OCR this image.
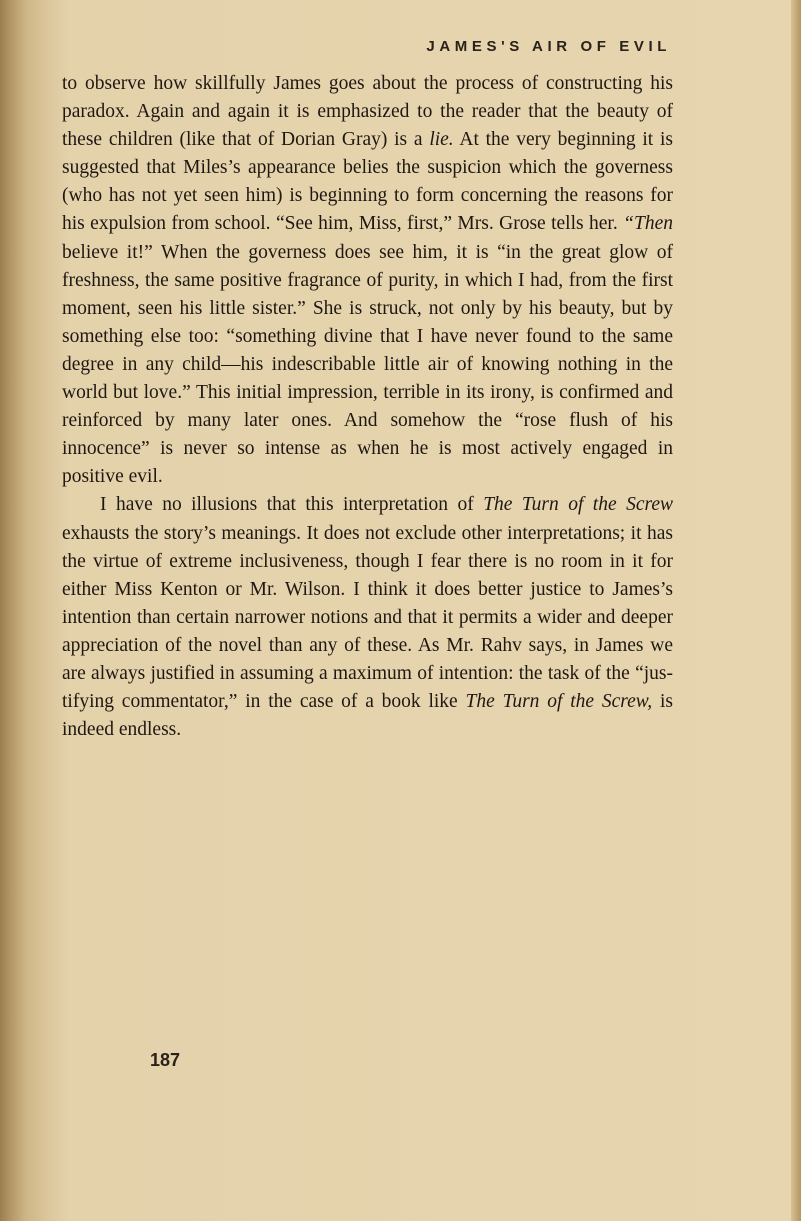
JAMES'S AIR OF EVIL

to observe how skillfully James goes about the process of constructing his paradox. Again and again it is emphasized to the reader that the beauty of these children (like that of Dorian Gray) is a lie. At the very beginning it is suggested that Miles’s appearance belies the suspicion which the governess (who has not yet seen him) is beginning to form concerning the reasons for his expulsion from school. “See him, Miss, first,” Mrs. Grose tells her. “Then believe it!” When the governess does see him, it is “in the great glow of freshness, the same positive fragrance of purity, in which I had, from the first moment, seen his little sister.” She is struck, not only by his beauty, but by something else too: “something divine that I have never found to the same degree in any child—his indescribable little air of knowing nothing in the world but love.” This initial impression, terrible in its irony, is confirmed and reinforced by many later ones. And somehow the “rose flush of his innocence” is never so intense as when he is most actively engaged in positive evil.

I have no illusions that this interpretation of The Turn of the Screw exhausts the story’s meanings. It does not exclude other interpretations; it has the virtue of extreme inclusiveness, though I fear there is no room in it for either Miss Kenton or Mr. Wilson. I think it does better justice to James’s intention than certain narrower notions and that it permits a wider and deeper appreciation of the novel than any of these. As Mr. Rahv says, in James we are always justified in assuming a maximum of intention: the task of the “justifying commentator,” in the case of a book like The Turn of the Screw, is indeed endless.

187
